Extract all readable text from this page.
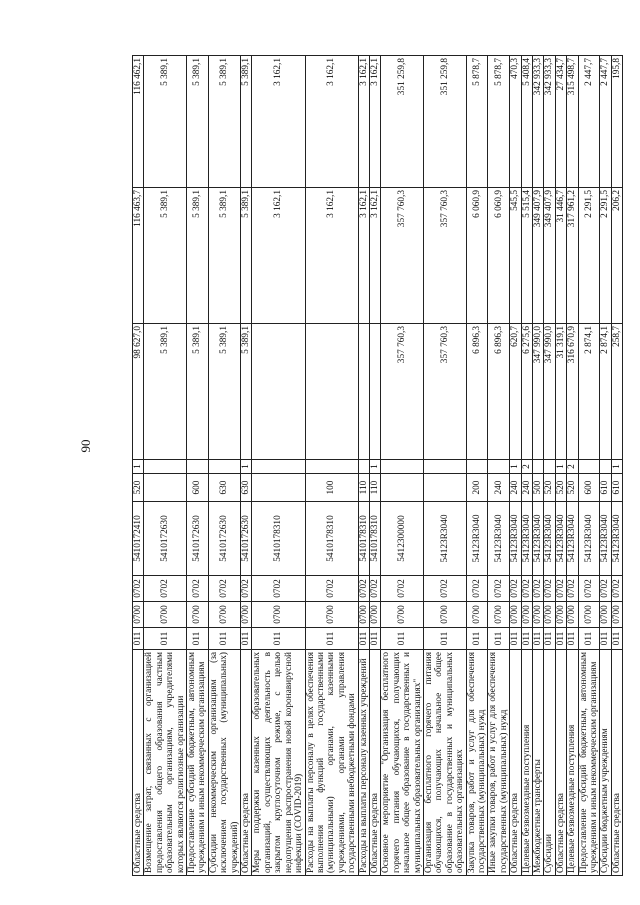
90
Областные средства	011	0700	0702	5410172410	520	1	98 627,0	116 463,7	116 462,1
Возмещение затрат, связанных с организацией предоставления общего образования частным образовательным организациям, учредителями которых являются религиозные организации	011	0700	0702	5410172630			5 389,1	5 389,1	5 389,1
Предоставление субсидий бюджетным, автономным учреждениям и иным некоммерческим организациям	011	0700	0702	5410172630	600		5 389,1	5 389,1	5 389,1
Субсидии некоммерческим организациям (за исключением государственных (муниципальных) учреждений)	011	0700	0702	5410172630	630		5 389,1	5 389,1	5 389,1
Областные средства	011	0700	0702	5410172630	630	1	5 389,1	5 389,1	5 389,1
Меры поддержки казенных образовательных организаций, осуществляющих деятельность в закрытом круглосуточном режиме, с целью недопущения распространения новой коронавирусной инфекции (COVID-2019)	011	0700	0702	5410178310				3 162,1	3 162,1
Расходы на выплаты персоналу в целях обеспечения выполнения функций государственными (муниципальными) органами, казенными учреждениями, органами управления государственными внебюджетными фондами	011	0700	0702	5410178310	100			3 162,1	3 162,1
Расходы на выплаты персоналу казенных учреждений	011	0700	0702	5410178310	110			3 162,1	3 162,1
Областные средства	011	0700	0702	5410178310	110	1		3 162,1	3 162,1
Основное мероприятие "Организация бесплатного горячего питания обучающихся, получающих начальное общее образование в государственных и муниципальных образовательных организациях"	011	0700	0702	5412300000			357 760,3	357 760,3	351 259,8
Организация бесплатного горячего питания обучающихся, получающих начальное общее образование в государственных и муниципальных образовательных организациях	011	0700	0702	54123R3040			357 760,3	357 760,3	351 259,8
Закупка товаров, работ и услуг для обеспечения государственных (муниципальных) нужд	011	0700	0702	54123R3040	200		6 896,3	6 060,9	5 878,7
Иные закупки товаров, работ и услуг для обеспечения государственных (муниципальных) нужд	011	0700	0702	54123R3040	240		6 896,3	6 060,9	5 878,7
Областные средства	011	0700	0702	54123R3040	240	1	620,7	545,5	470,3
Целевые безвозмездные поступления	011	0700	0702	54123R3040	240	2	6 275,6	5 515,4	5 408,4
Межбюджетные трансферты	011	0700	0702	54123R3040	500		347 990,0	349 407,9	342 933,3
Субсидии	011	0700	0702	54123R3040	520		347 990,0	349 407,9	342 933,3
Областные средства	011	0700	0702	54123R3040	520	1	31 319,1	31 446,7	27 434,7
Целевые безвозмездные поступления	011	0700	0702	54123R3040	520	2	316 670,9	317 961,2	315 498,7
Предоставление субсидий бюджетным, автономным учреждениям и иным некоммерческим организациям	011	0700	0702	54123R3040	600		2 874,1	2 291,5	2 447,7
Субсидии бюджетным учреждениям	011	0700	0702	54123R3040	610		2 874,1	2 291,5	2 447,7
Областные средства	011	0700	0702	54123R3040	610	1	258,7	206,2	195,8
